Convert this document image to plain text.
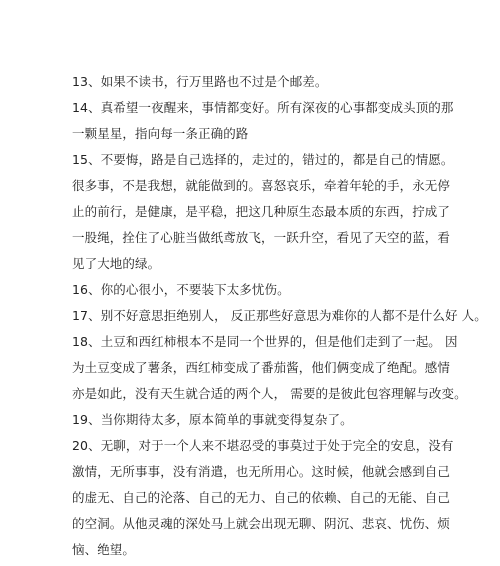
13、如果不读书，行万里路也不过是个邮差。
14、真希望一夜醒来，事情都变好。所有深夜的心事都变成头顶的那
一颗星星，指向每一条正确的路
15、不要悔，路是自己选择的，走过的，错过的，都是自己的情愿。
很多事，不是我想，就能做到的。喜怒哀乐，牵着年轮的手，永无停
止的前行，是健康，是平稳，把这几种原生态最本质的东西，拧成了
一股绳，拴住了心脏当做纸鸢放飞，一跃升空，看见了天空的蓝，看
见了大地的绿。
16、你的心很小，不要装下太多忧伤。
17、别不好意思拒绝别人， 反正那些好意思为难你的人都不是什么好 人。
18、土豆和西红柿根本不是同一个世界的，但是他们走到了一起。 因
为土豆变成了薯条，西红柿变成了番茄酱，他们俩变成了绝配。感情
亦是如此，没有天生就合适的两个人， 需要的是彼此包容理解与改变。
19、当你期待太多，原本简单的事就变得复杂了。
20、无聊，对于一个人来不堪忍受的事莫过于处于完全的安息，没有
激情，无所事事，没有消遣，也无所用心。这时候，他就会感到自己
的虚无、自己的沦落、自己的无力、自己的依赖、自己的无能、自己
的空洞。从他灵魂的深处马上就会出现无聊、阴沉、悲哀、忧伤、烦
恼、绝望。
